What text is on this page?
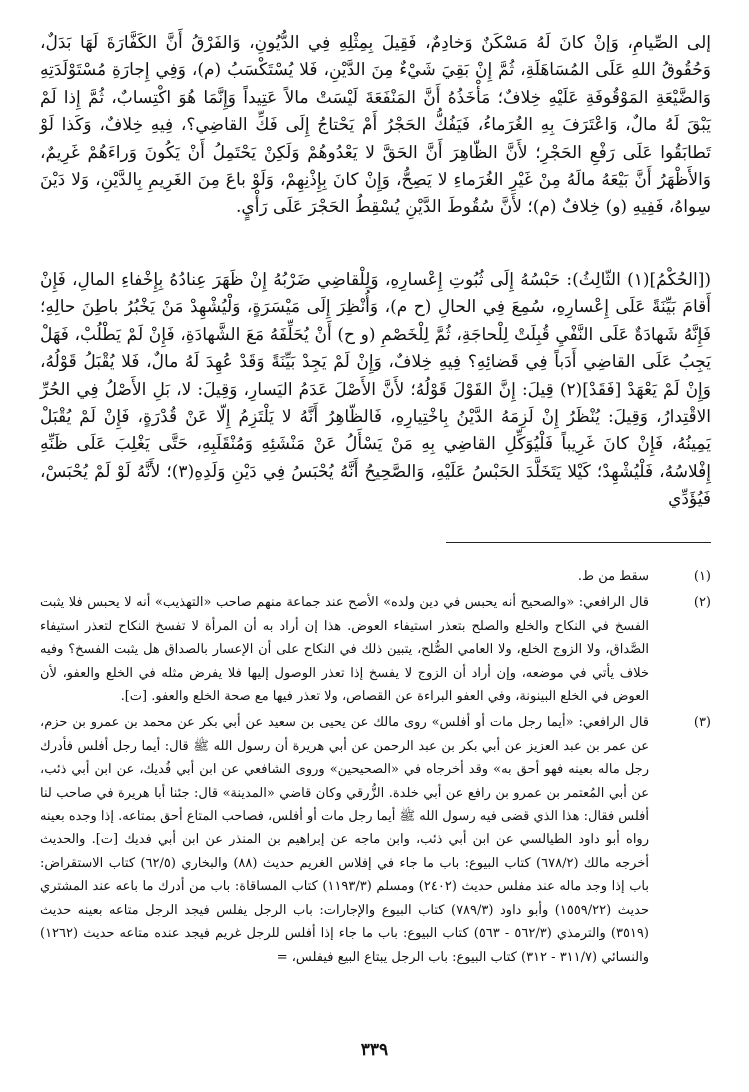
إلى الصِّيامِ، وَإنْ كانَ لَهُ مَسْكَنٌ وَخادِمٌ، فَقِيلَ بِمِثْلِهِ فِي الدُّيُونِ، وَالفَرْقُ أَنَّ الكَفَّارَةَ لَهَا بَدَلٌ، وَحُقُوقُ اللهِ عَلَى المُسَاهَلَةِ، ثُمَّ إِنْ بَقِيَ شَيْءٌ مِنَ الدَّيْنِ، فَلا يُسْتَكْسَبُ (م)، وَفِي إِجارَةِ مُسْتَوْلَدَتِهِ وَالضَّيْعَةِ المَوْقُوفَةِ عَلَيْهِ خِلافٌ؛ مَأْخَذُهُ أَنَّ المَنْفَعَةَ لَيْسَتْ مالاً عَتِيداً وَإِنَّمَا هُوَ اكْتِسابٌ، ثُمَّ إِذا لَمْ يَبْقَ لَهُ مالٌ، وَاعْتَرَفَ بِهِ الغُرَماءُ، فَيَفُكُّ الحَجْرُ أَمْ يَحْتاجُ إِلَى فَكِّ القاضِي؟، فِيهِ خِلافٌ، وَكَذا لَوْ تَطابَقُوا عَلَى رَفْعِ الحَجْرِ؛ لأَنَّ الظّاهِرَ أَنَّ الحَقَّ لا يَعْدُوهُمْ وَلَكِنْ يَحْتَمِلُ أَنْ يَكُونَ وَراءَهُمْ غَرِيمٌ، وَالأَظْهَرُ أَنَّ بَيْعَهُ مالَهُ مِنْ غَيْرِ الغُرَماءِ لا يَصِحُّ، وَإِنْ كانَ بِإِذْنِهِمْ، وَلَوْ باعَ مِنَ الغَرِيمِ بِالدَّيْنِ، وَلا دَيْنَ سِواهُ، فَفِيهِ (و) خِلافٌ (م)؛ لأَنَّ سُقُوطَ الدَّيْنِ يُسْقِطُ الحَجْرَ عَلَى رَأْيٍ.

([الحُكْمُ](١) الثّالِثُ): حَبْسُهُ إِلَى ثُبُوتِ إِعْسارِهِ، وَلِلْقاضِي ضَرْبُهُ إِنْ ظَهَرَ عِنادُهُ بِإِخْفاءِ المالِ، فَإِنْ أَقامَ بَيِّنَةً عَلَى إِعْسارِهِ، سُمِعَ فِي الحالِ (ح م)، وَأُنْظِرَ إِلَى مَيْسَرَةٍ، وَلْيُشْهِدْ مَنْ يَخْبُرُ باطِنَ حالِهِ؛ فَإِنَّهُ شَهادَةٌ عَلَى النَّفْيِ قُبِلَتْ لِلْحاجَةِ، ثُمَّ لِلْخَصْمِ (و ح) أَنْ يُحَلِّفَهُ مَعَ الشَّهادَةِ، فَإِنْ لَمْ يَطْلُبْ، فَهَلْ يَجِبُ عَلَى القاضِي أَدَباً فِي قَضائِهِ؟ فِيهِ خِلافٌ، وَإِنْ لَمْ يَجِدْ بَيِّنَةً وَقَدْ عُهِدَ لَهُ مالٌ، فَلا يُقْبَلُ قَوْلُهُ، وَإِنْ لَمْ يَعْهَدْ [فَقَدْ](٢) قِيلَ: إِنَّ القَوْلَ قَوْلُهُ؛ لأَنَّ الأَصْلَ عَدَمُ اليَسارِ، وَقِيلَ: لا، بَلِ الأَصْلُ فِي الحُرِّ الاقْتِدارُ، وَقِيلَ: يُنْظَرُ إِنْ لَزِمَهُ الدَّيْنُ بِاخْتِيارِهِ، فَالظّاهِرُ أَنَّهُ لا يَلْتَزِمُ إِلّا عَنْ قُدْرَةٍ، فَإِنْ لَمْ يُقْبَلْ يَمِينُهُ، فَإِنْ كانَ غَرِيباً فَلْيُوَكِّلِ القاضِي بِهِ مَنْ يَسْأَلُ عَنْ مَنْشَئِهِ وَمُنْقَلَبِهِ، حَتَّى يَغْلِبَ عَلَى ظَنِّهِ إِفْلاسُهُ، فَلْيُشْهِدْ؛ كَيْلا يَتَخَلَّدَ الحَبْسُ عَلَيْهِ، وَالصَّحِيحُ أَنَّهُ يُحْبَسُ فِي دَيْنِ وَلَدِهِ(٣)؛ لأَنَّهُ لَوْ لَمْ يُحْبَسْ، فَيُؤَدِّي

(١)
سقط من ط.
(٢)
قال الرافعي: «والصحيح أنه يحبس في دين ولده» الأصح عند جماعة منهم صاحب «التهذيب» أنه لا يحبس فلا يثبت الفسخ في النكاح والخلع والصلح بتعذر استيفاء العوض. هذا إن أراد به أن المرأة لا تفسخ النكاح لتعذر استيفاء الصَّداق، ولا الزوج الخلع، ولا العامي الصُّلح، يتبين ذلك في النكاح على أن الإعسار بالصداق هل يثبت الفسخ؟ وفيه خلاف يأتي في موضعه، وإن أراد أن الزوج لا يفسخ إذا تعذر الوصول إليها فلا يفرض مثله في الخلع والعفو، لأن العوض في الخلع البينونة، وفي العفو البراءة عن القصاص، ولا تعذر فيها مع صحة الخلع والعفو. [ت].
(٣)
قال الرافعي: «أيما رجل مات أو أفلس» روى مالك عن يحيى بن سعيد عن أبي بكر عن محمد بن عمرو بن حزم، عن عمر بن عبد العزيز عن أبي بكر بن عبد الرحمن عن أبي هريرة أن رسول الله ﷺ قال: أيما رجل أفلس فأدرك رجل ماله بعينه فهو أحق به» وقد أخرجاه في «الصحيحين» وروى الشافعي عن ابن أبي فُديك، عن ابن أبي ذئب، عن أبي المُعتمر بن عمرو بن رافع عن أبي خلدة. الزُّرقي وكان قاضي «المدينة» قال: جئنا أبا هريرة في صاحب لنا أفلس فقال: هذا الذي قضى فيه رسول الله ﷺ أيما رجل مات أو أفلس، فصاحب المتاع أحق بمتاعه. إذا وجده بعينه رواه أبو داود الطيالسي عن ابن أبي ذئب، وابن ماجه عن إبراهيم بن المنذر عن ابن أبي فديك [ت]. والحديث أخرجه مالك (٦٧٨/٢) كتاب البيوع: باب ما جاء في إفلاس الغريم حديث (٨٨) والبخاري (٦٢/٥) كتاب الاستقراض: باب إذا وجد ماله عند مفلس حديث (٢٤٠٢) ومسلم (١١٩٣/٣) كتاب المساقاة: باب من أدرك ما باعه عند المشتري حديث (١٥٥٩/٢٢) وأبو داود (٧٨٩/٣) كتاب البيوع والإجارات: باب الرجل يفلس فيجد الرجل متاعه بعينه حديث (٣٥١٩) والترمذي (٥٦٢/٣ - ٥٦٣) كتاب البيوع: باب ما جاء إذا أفلس للرجل غريم فيجد عنده متاعه حديث (١٢٦٢) والنسائي (٣١١/٧ - ٣١٢) كتاب البيوع: باب الرجل يبتاع البيع فيفلس، =
٣٣٩
